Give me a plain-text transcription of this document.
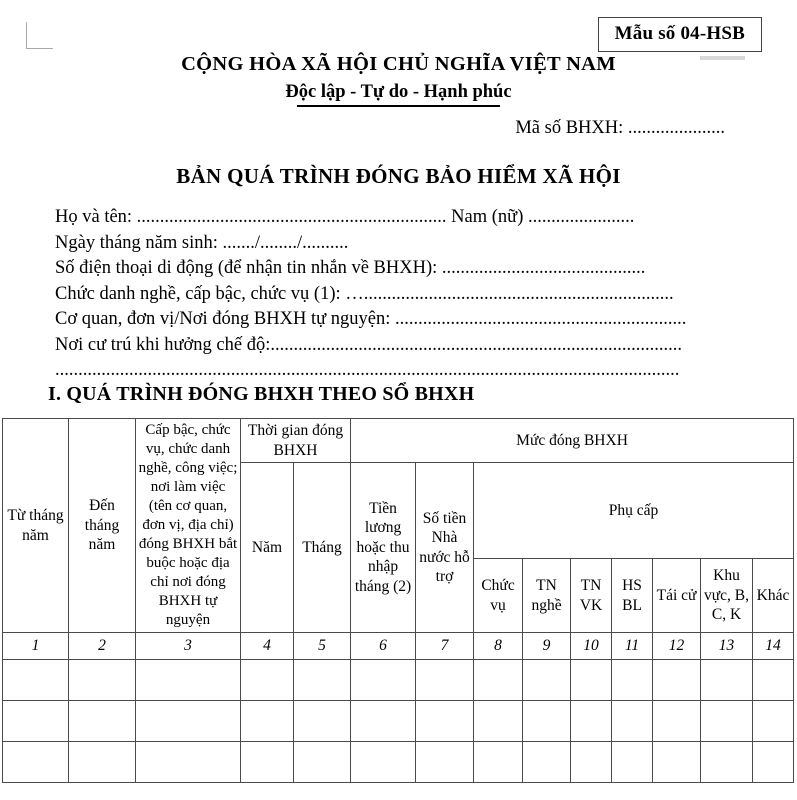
Mẫu số 04-HSB
CỘNG HÒA XÃ HỘI CHỦ NGHĨA VIỆT NAM
Độc lập - Tự do - Hạnh phúc
Mã số BHXH: .....................
BẢN QUÁ TRÌNH ĐÓNG BẢO HIỂM XÃ HỘI
Họ và tên: ................................................................... Nam (nữ) .......................
Ngày tháng năm sinh: ......./......../..........
Số điện thoại di động (để nhận tin nhắn về BHXH): ............................................
Chức danh nghề, cấp bậc, chức vụ (1): …...................................................................
Cơ quan, đơn vị/Nơi đóng BHXH tự nguyện: ...............................................................
Nơi cư trú khi hưởng chế độ:.........................................................................................
.......................................................................................................................................
I. QUÁ TRÌNH ĐÓNG BHXH THEO SỔ BHXH
Từ tháng năm	Đến tháng năm	Cấp bậc, chức vụ, chức danh nghề, công việc; nơi làm việc (tên cơ quan, đơn vị, địa chỉ) đóng BHXH bắt buộc hoặc địa chỉ nơi đóng BHXH tự nguyện	Thời gian đóng BHXH		Mức đóng BHXH								
			Năm	Tháng	Tiền lương hoặc thu nhập tháng (2)	Số tiền Nhà nước hỗ trợ	Phụ cấp						
							Chức vụ	TN nghề	TN VK	HS BL	Tái cử	Khu vực, B, C, K	Khác
1	2	3	4	5	6	7	8	9	10	11	12	13	14
